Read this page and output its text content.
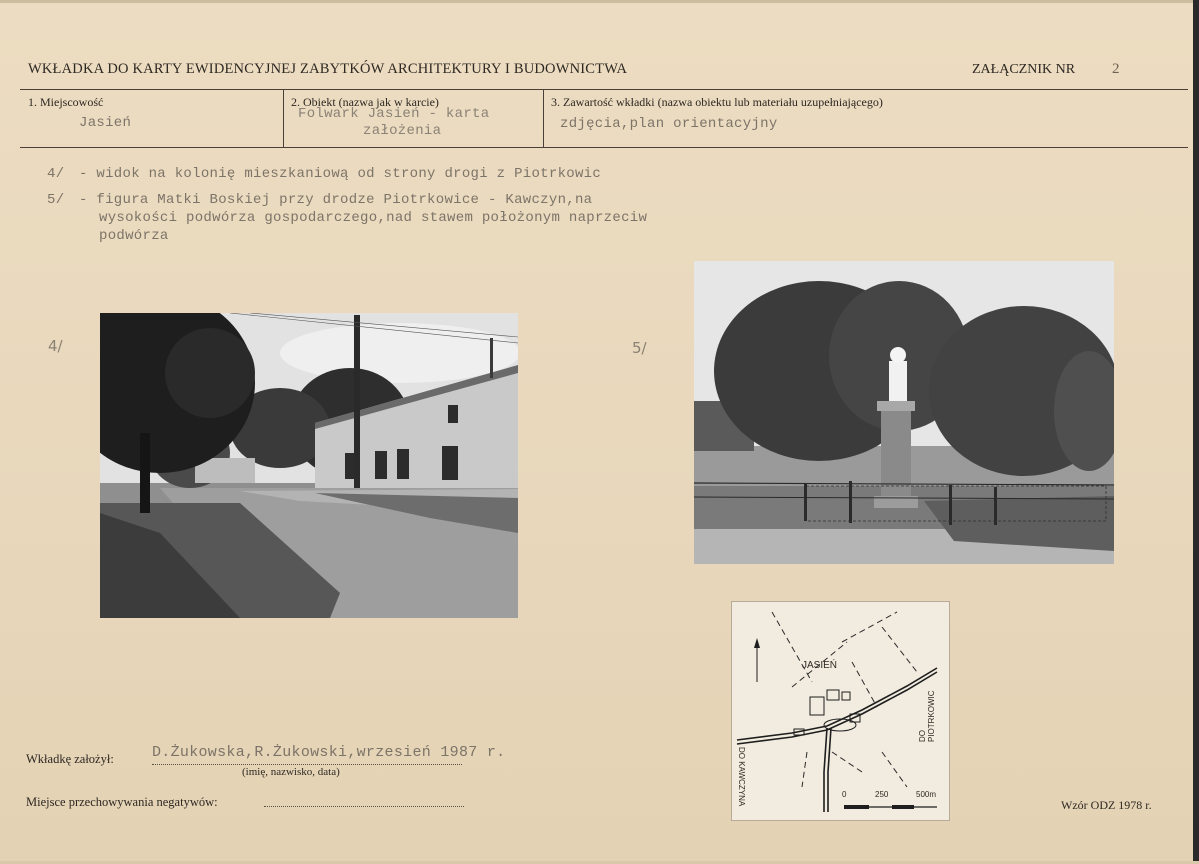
WKŁADKA DO KARTY EWIDENCYJNEJ ZABYTKÓW ARCHITEKTURY I BUDOWNICTWA	ZAŁĄCZNIK NR 2
1. Miejscowość
Jasień
2. Obiekt (nazwa jak w karcie)
Folwark Jasień - karta
założenia
3. Zawartość wkładki (nazwa obiektu lub materiału uzupełniającego)
zdjęcia,plan orientacyjny
4/ - widok na kolonię mieszkaniową od strony drogi z Piotrkowic
5/ - figura Matki Boskiej przy drodze Piotrkowice - Kawczyn,na
wysokości podwórza gospodarczego,nad stawem położonym naprzeciw
podwórza
4/	5/
JASIEŃ
DO PIOTRKOWIC
DO KAWCZYNA	0	250	500m
Wkładkę założył:	D.Żukowska,R.Żukowski,wrzesień 1987 r.
(imię, nazwisko, data)
Miejsce przechowywania negatywów:	Wzór ODZ 1978 r.
